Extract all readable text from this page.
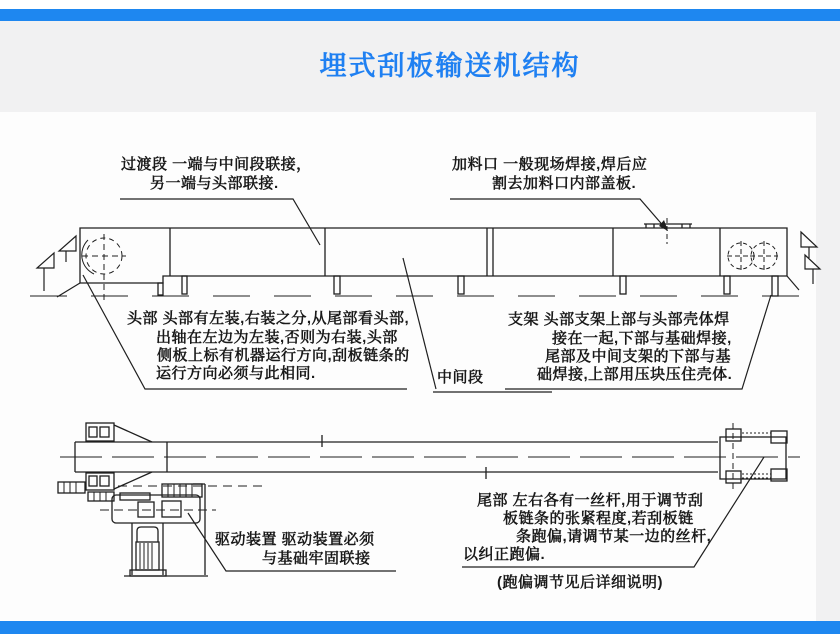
埋式刮板输送机结构
过渡段 一端与中间段联接，
另一端与头部联接.
加料口 一般现场焊接,焊后应
割去加料口内部盖板.
头部 头部有左装,右装之分,从尾部看头部,
出轴在左边为左装,否则为右装,头部
侧板上标有机器运行方向,刮板链条的
运行方向必须与此相同.	中间段
支架 头部支架上部与头部壳体焊
接在一起,下部与基础焊接,
尾部及中间支架的下部与基
础焊接,上部用压块压住壳体.
驱动装置 驱动装置必须
与基础牢固联接
尾部 左右各有一丝杆,用于调节刮
板链条的张紧程度,若刮板链
条跑偏,请调节某一边的丝杆,
以纠正跑偏.
(跑偏调节见后详细说明)
